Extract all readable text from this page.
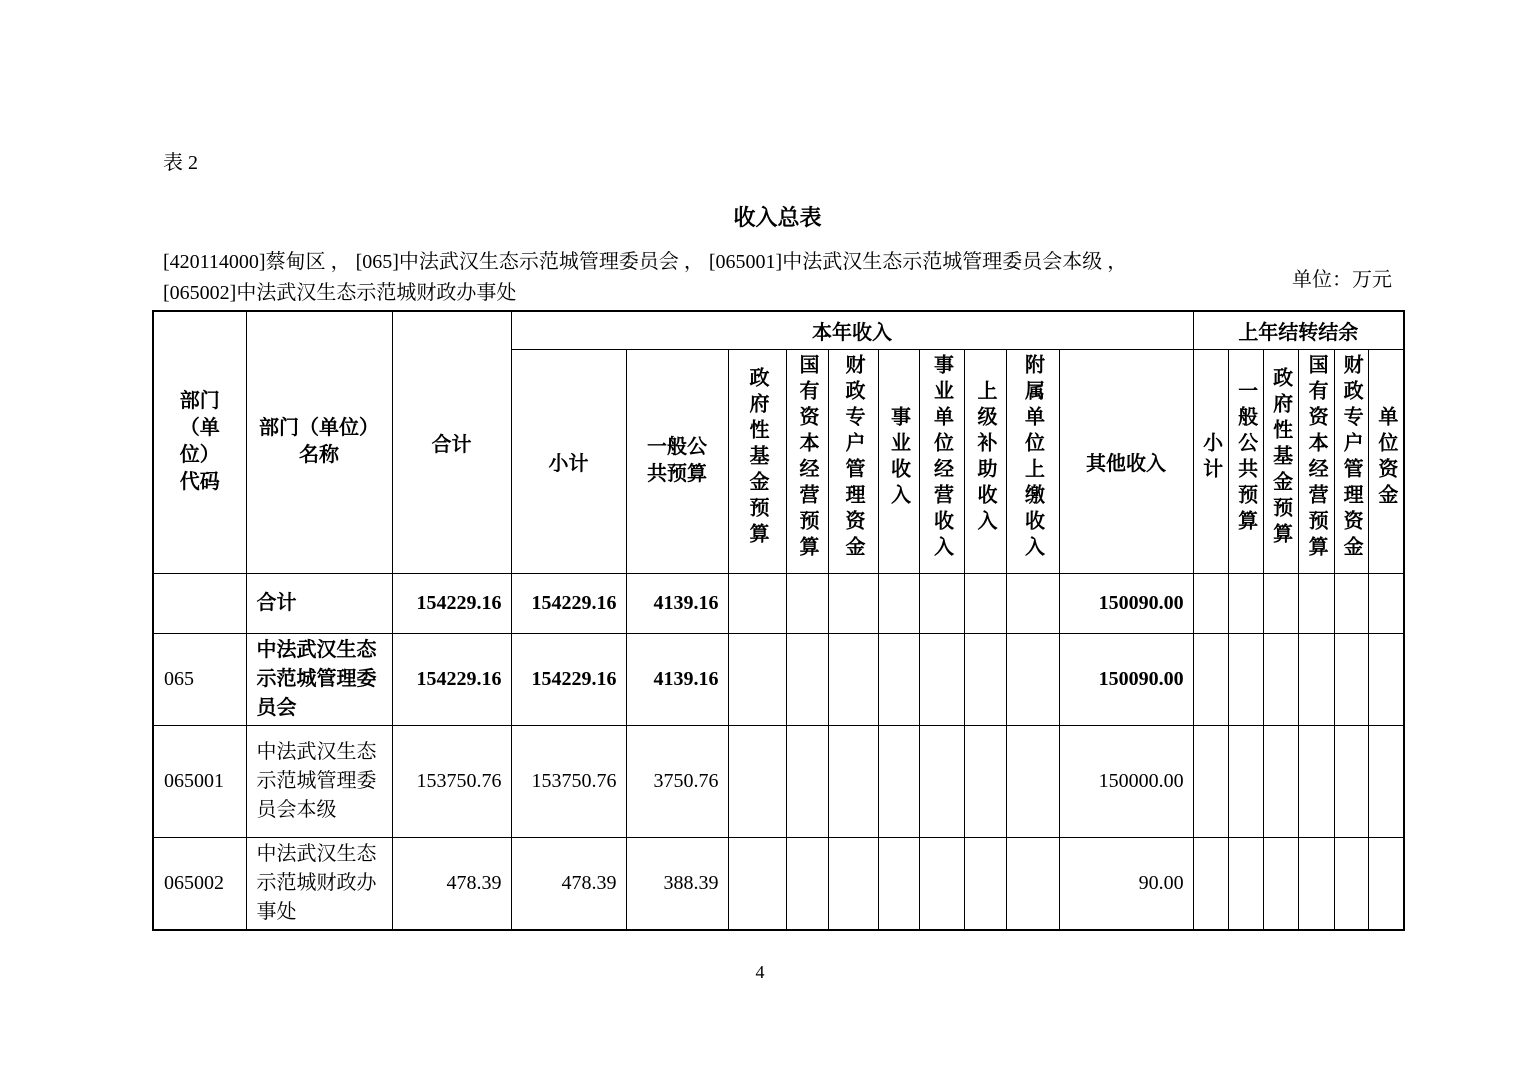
表 2
收入总表
[420114000]蔡甸区 ， [065]中法武汉生态示范城管理委员会 ， [065001]中法武汉生态示范城管理委员会本级 ，
[065002]中法武汉生态示范城财政办事处
单位：万元
部门（单位）代码	部门（单位）名称	合计	本年收入										上年结转结余					
			小计	一般公共预算	政府性基金预算	国有资本经营预算	财政专户管理资金	事业收入	事业单位经营收入	上级补助收入	附属单位上缴收入	其他收入	小计	一般公共预算	政府性基金预算	国有资本经营预算	财政专户管理资金	单位资金
	合计	154229.16	154229.16	4139.16								150090.00						
065	中法武汉生态示范城管理委员会	154229.16	154229.16	4139.16								150090.00						
065001	中法武汉生态示范城管理委员会本级	153750.76	153750.76	3750.76								150000.00						
065002	中法武汉生态示范城财政办事处	478.39	478.39	388.39								90.00						
4
